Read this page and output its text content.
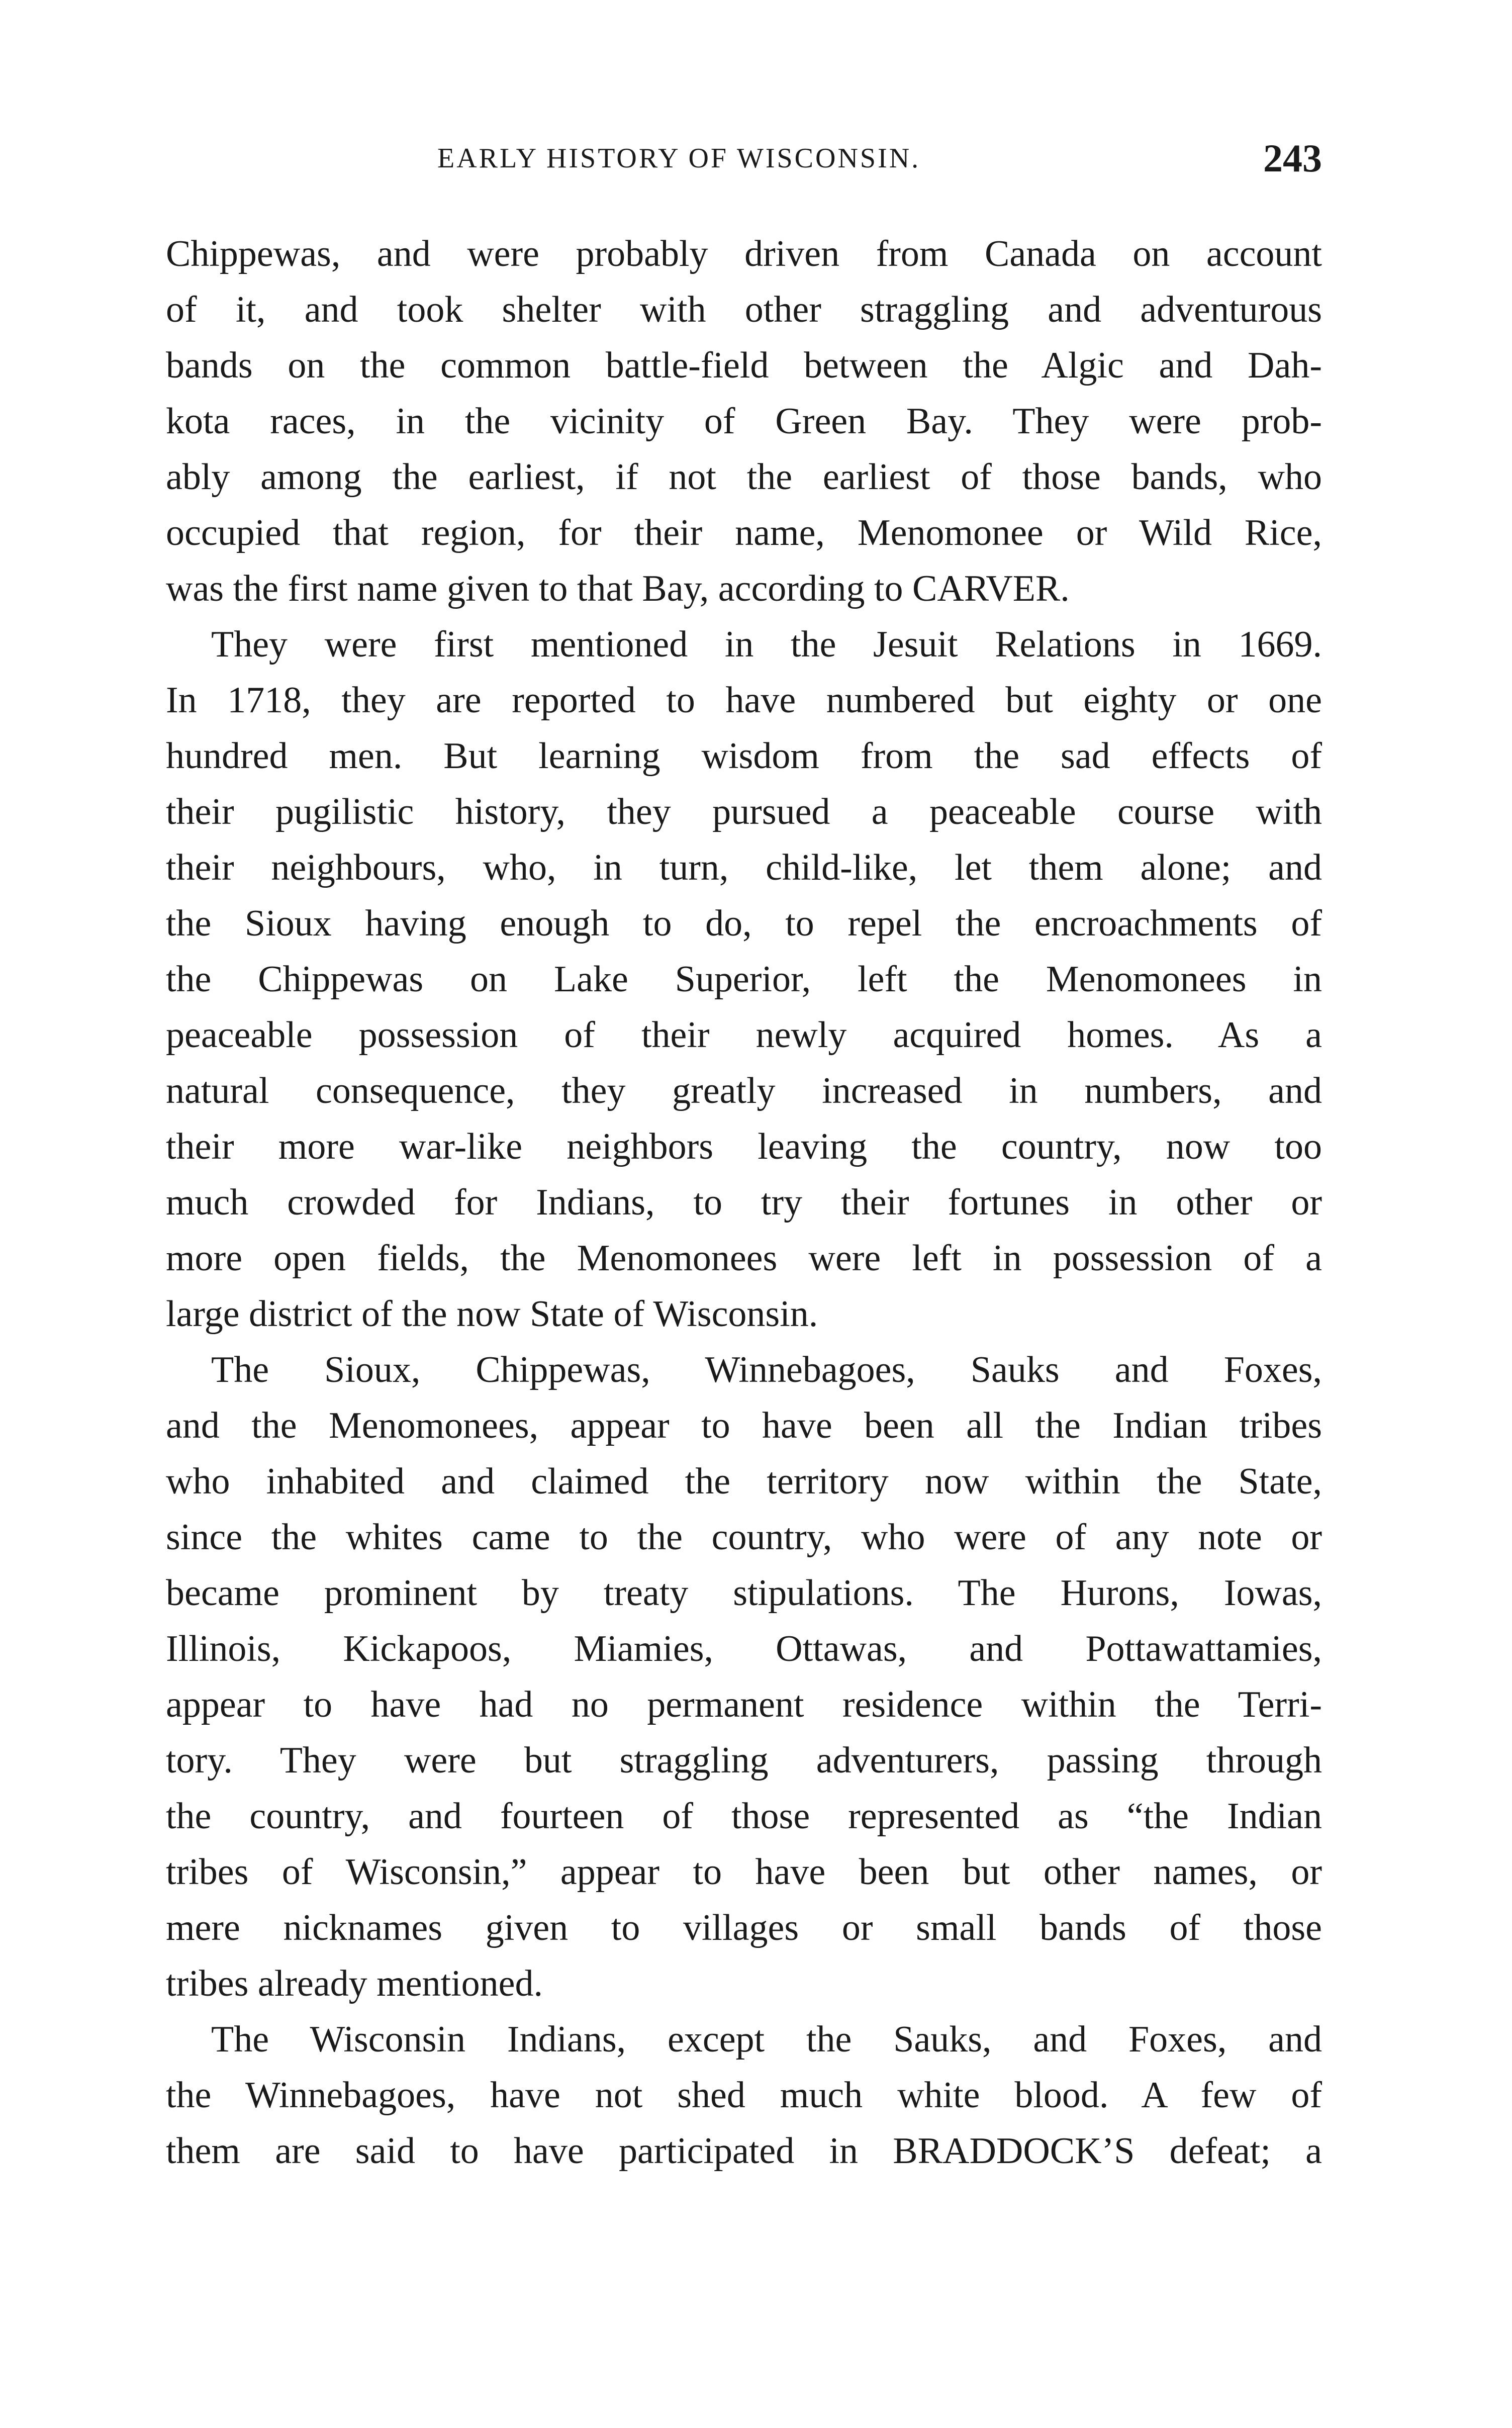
EARLY HISTORY OF WISCONSIN.	243

Chippewas, and were probably driven from Canada on account
of it, and took shelter with other straggling and adventurous
bands on the common battle-field between the Algic and Dah-
kota races, in the vicinity of Green Bay. They were prob-
ably among the earliest, if not the earliest of those bands, who
occupied that region, for their name, Menomonee or Wild Rice,
was the first name given to that Bay, according to CARVER.

They were first mentioned in the Jesuit Relations in 1669.
In 1718, they are reported to have numbered but eighty or one
hundred men. But learning wisdom from the sad effects of
their pugilistic history, they pursued a peaceable course with
their neighbours, who, in turn, child-like, let them alone; and
the Sioux having enough to do, to repel the encroachments of
the Chippewas on Lake Superior, left the Menomonees in
peaceable possession of their newly acquired homes. As a
natural consequence, they greatly increased in numbers, and
their more war-like neighbors leaving the country, now too
much crowded for Indians, to try their fortunes in other or
more open fields, the Menomonees were left in possession of a
large district of the now State of Wisconsin.

The Sioux, Chippewas, Winnebagoes, Sauks and Foxes,
and the Menomonees, appear to have been all the Indian tribes
who inhabited and claimed the territory now within the State,
since the whites came to the country, who were of any note or
became prominent by treaty stipulations. The Hurons, Iowas,
Illinois, Kickapoos, Miamies, Ottawas, and Pottawattamies,
appear to have had no permanent residence within the Terri-
tory. They were but straggling adventurers, passing through
the country, and fourteen of those represented as “the Indian
tribes of Wisconsin,” appear to have been but other names, or
mere nicknames given to villages or small bands of those
tribes already mentioned.

The Wisconsin Indians, except the Sauks, and Foxes, and
the Winnebagoes, have not shed much white blood. A few of
them are said to have participated in BRADDOCK’S defeat; a
